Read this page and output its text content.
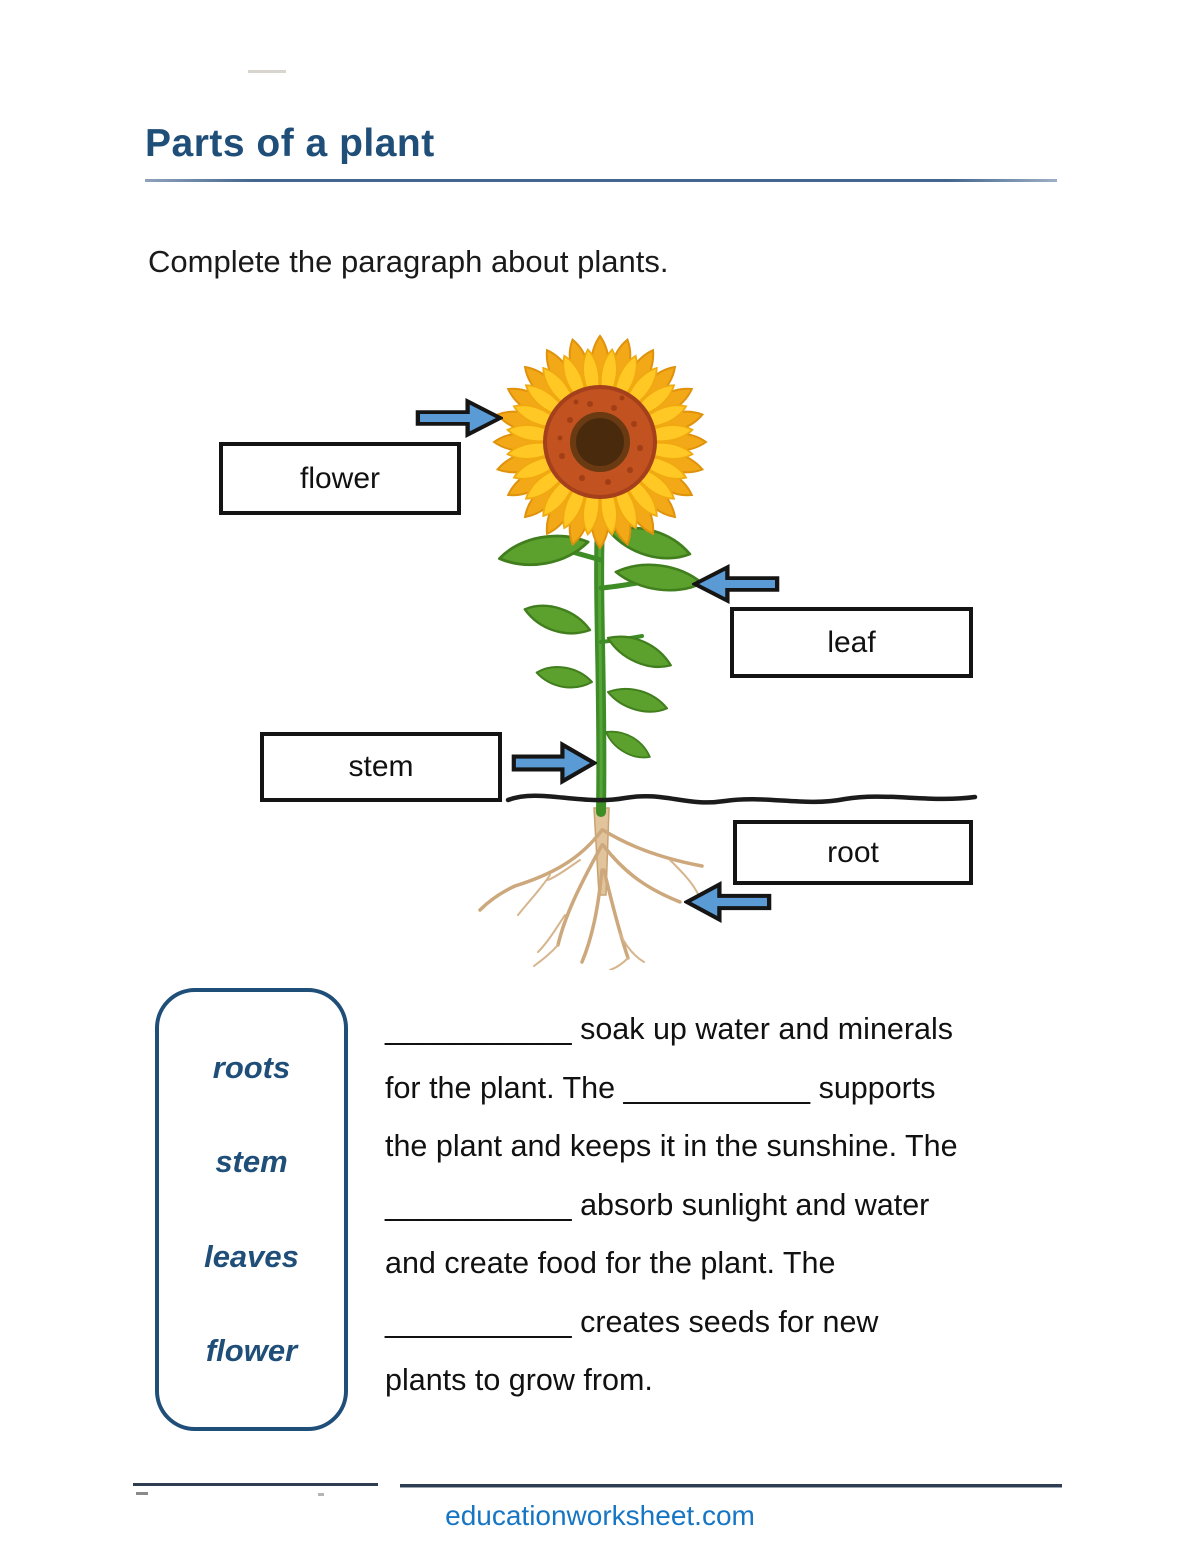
Parts of a plant
Complete the paragraph about plants.
flower
leaf
stem
root
roots
stem
leaves
flower
___________ soak up water and minerals
for the plant. The ___________ supports
the plant and keeps it in the sunshine. The
___________ absorb sunlight and water
and create food for the plant. The
___________ creates seeds for new
plants to grow from.
educationworksheet.com
